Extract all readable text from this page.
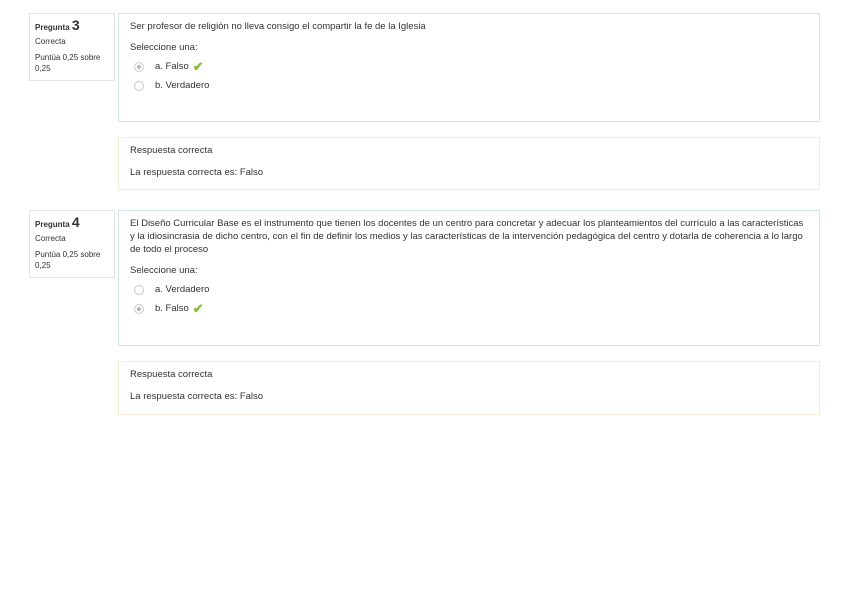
Pregunta 3
Correcta
Puntúa 0,25 sobre 0,25

Ser profesor de religión no lleva consigo el compartir la fe de la Iglesia

Seleccione una:

a. Falso ✔
b. Verdadero
Respuesta correcta
La respuesta correcta es: Falso
Pregunta 4
Correcta
Puntúa 0,25 sobre 0,25

El Diseño Curricular Base es el instrumento que tienen los docentes de un centro para concretar y adecuar los planteamientos del currículo a las características y la idiosincrasia de dicho centro, con el fin de definir los medios y las características de la intervención pedagógica del centro y dotarla de coherencia a lo largo de todo el proceso

Seleccione una:

a. Verdadero
b. Falso ✔
Respuesta correcta
La respuesta correcta es: Falso
